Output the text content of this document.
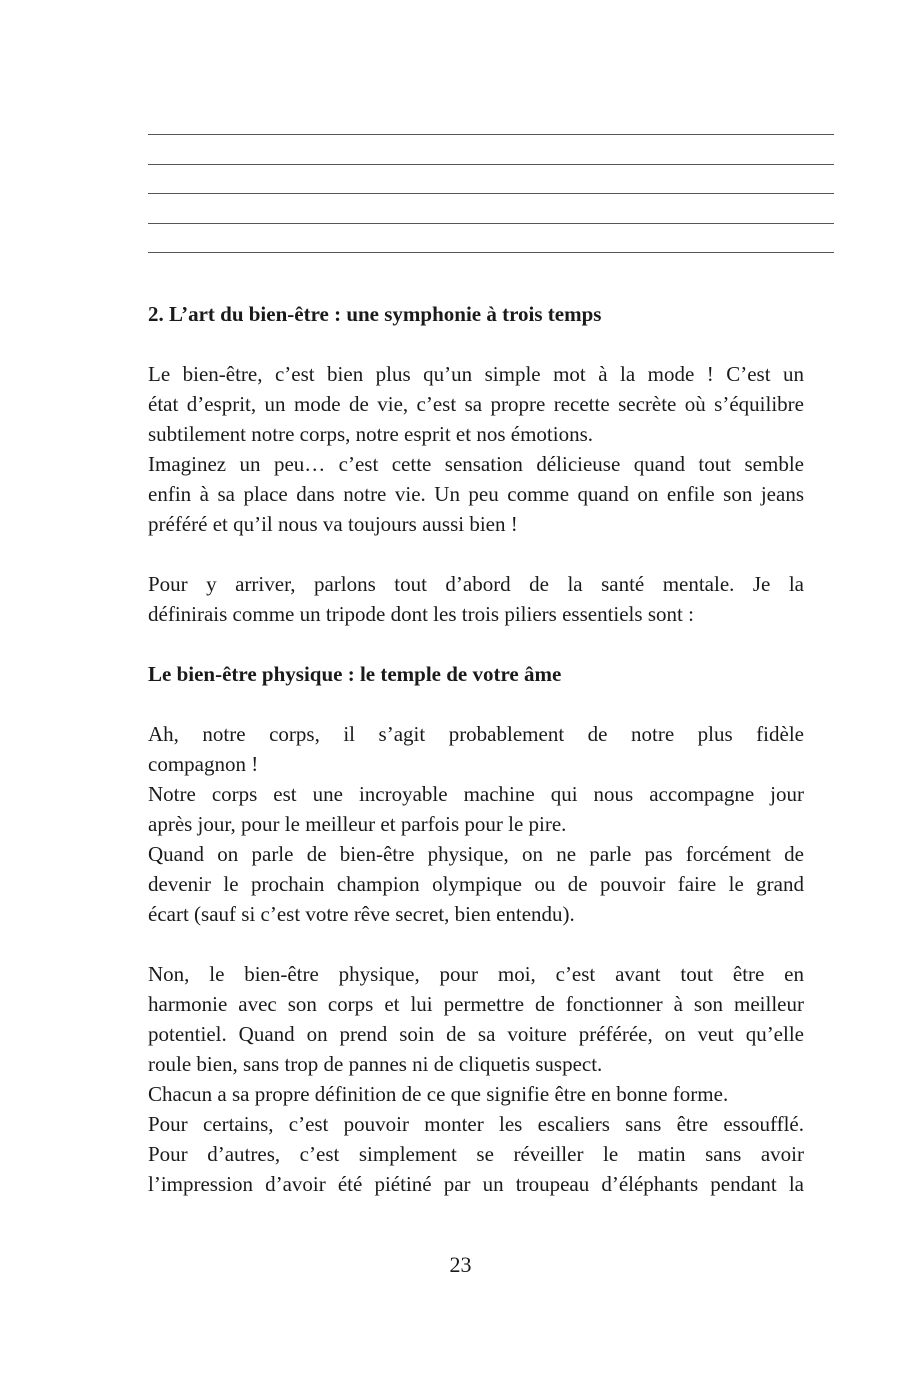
2. L’art du bien-être : une symphonie à trois temps
Le bien-être, c’est bien plus qu’un simple mot à la mode ! C’est un
état d’esprit, un mode de vie, c’est sa propre recette secrète où s’équilibre
subtilement notre corps, notre esprit et nos émotions.
Imaginez un peu… c’est cette sensation délicieuse quand tout semble
enfin à sa place dans notre vie. Un peu comme quand on enfile son jeans
préféré et qu’il nous va toujours aussi bien !
Pour y arriver, parlons tout d’abord de la santé mentale. Je la
définirais comme un tripode dont les trois piliers essentiels sont :
Le bien-être physique : le temple de votre âme
Ah, notre corps, il s’agit probablement de notre plus fidèle
compagnon !
Notre corps est une incroyable machine qui nous accompagne jour
après jour, pour le meilleur et parfois pour le pire.
Quand on parle de bien-être physique, on ne parle pas forcément de
devenir le prochain champion olympique ou de pouvoir faire le grand
écart (sauf si c’est votre rêve secret, bien entendu).
Non, le bien-être physique, pour moi, c’est avant tout être en
harmonie avec son corps et lui permettre de fonctionner à son meilleur
potentiel. Quand on prend soin de sa voiture préférée, on veut qu’elle
roule bien, sans trop de pannes ni de cliquetis suspect.
Chacun a sa propre définition de ce que signifie être en bonne forme.
Pour certains, c’est pouvoir monter les escaliers sans être essoufflé.
Pour d’autres, c’est simplement se réveiller le matin sans avoir
l’impression d’avoir été piétiné par un troupeau d’éléphants pendant la
23
